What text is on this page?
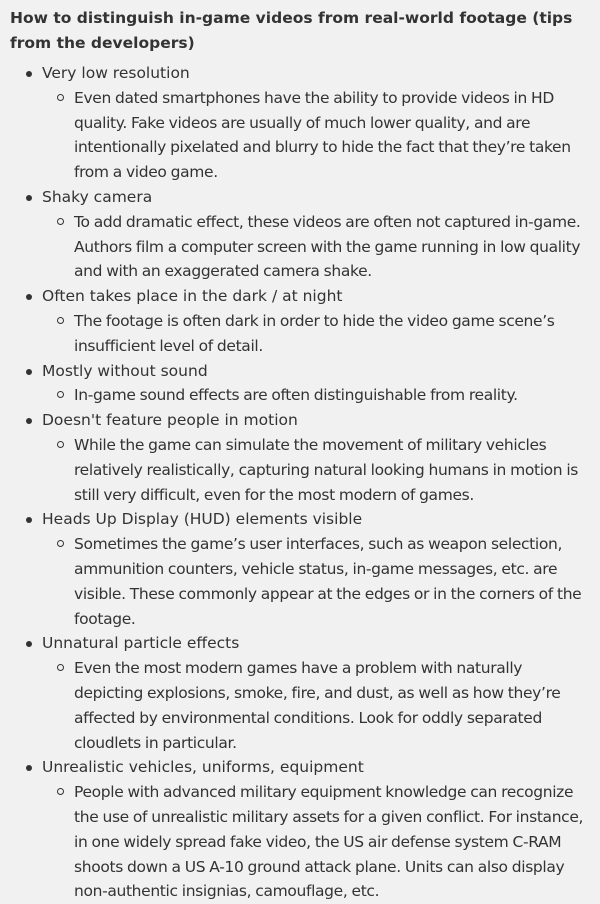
How to distinguish in-game videos from real-world footage (tips from the developers)
Very low resolution
Even dated smartphones have the ability to provide videos in HD quality. Fake videos are usually of much lower quality, and are intentionally pixelated and blurry to hide the fact that they’re taken from a video game.
Shaky camera
To add dramatic effect, these videos are often not captured in-game. Authors film a computer screen with the game running in low quality and with an exaggerated camera shake.
Often takes place in the dark / at night
The footage is often dark in order to hide the video game scene’s insufficient level of detail.
Mostly without sound
In-game sound effects are often distinguishable from reality.
Doesn't feature people in motion
While the game can simulate the movement of military vehicles relatively realistically, capturing natural looking humans in motion is still very difficult, even for the most modern of games.
Heads Up Display (HUD) elements visible
Sometimes the game’s user interfaces, such as weapon selection, ammunition counters, vehicle status, in-game messages, etc. are visible. These commonly appear at the edges or in the corners of the footage.
Unnatural particle effects
Even the most modern games have a problem with naturally depicting explosions, smoke, fire, and dust, as well as how they’re affected by environmental conditions. Look for oddly separated cloudlets in particular.
Unrealistic vehicles, uniforms, equipment
People with advanced military equipment knowledge can recognize the use of unrealistic military assets for a given conflict. For instance, in one widely spread fake video, the US air defense system C-RAM shoots down a US A-10 ground attack plane. Units can also display non-authentic insignias, camouflage, etc.
